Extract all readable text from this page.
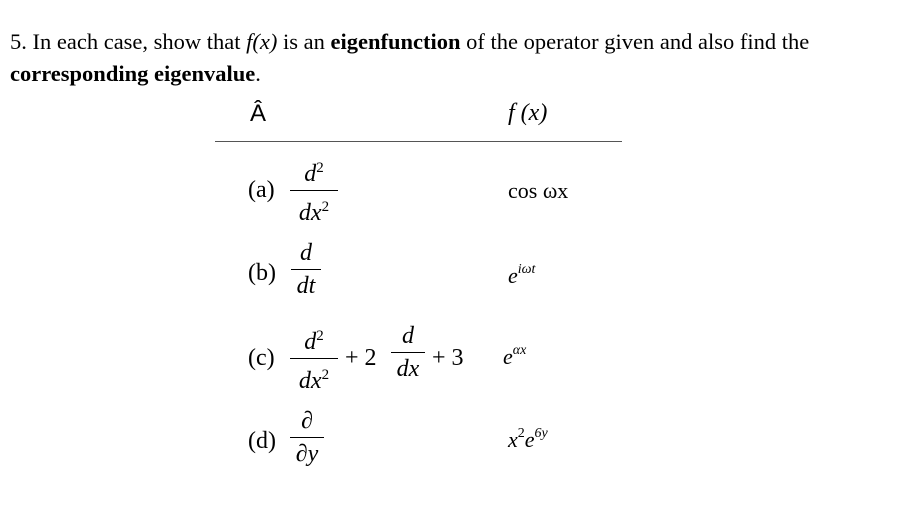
5. In each case, show that f(x) is an eigenfunction of the operator given and also find the corresponding eigenvalue.
Â	f (x)
(a)
$d^2$
$dx^2$
cos ωx
(b)
d
dt	$e^{i\omega t}$
(c)
$d^2$
$dx^2$
+ 2
d
dx + 3 $e^{\alpha x}$
(d)
∂
∂y
$x^2e^{6y}$
